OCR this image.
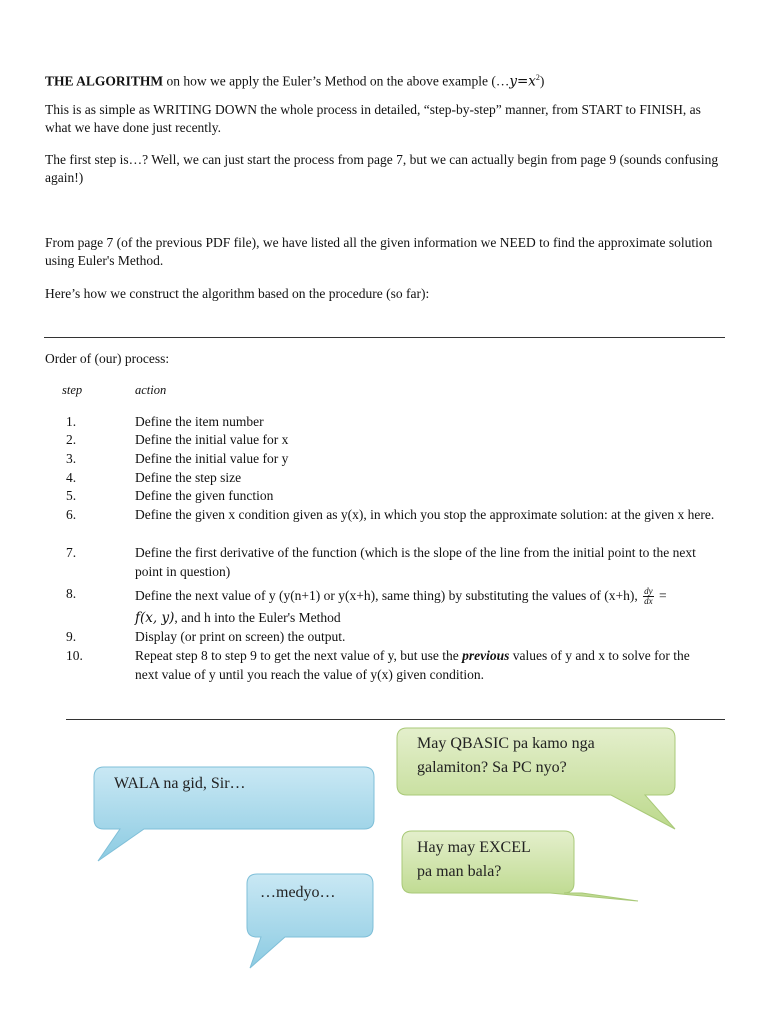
THE ALGORITHM on how we apply the Euler’s Method on the above example $(\dots y=x^2)$

This is as simple as WRITING DOWN the whole process in detailed, “step-by-step” manner, from START to FINISH, as what we have done just recently.

The first step is…? Well, we can just start the process from page 7, but we can actually begin from page 9 (sounds confusing again!)

From page 7 (of the previous PDF file), we have listed all the given information we NEED to find the approximate solution using Euler's Method.

Here’s how we construct the algorithm based on the procedure (so far):

Order of (our) process:

step	action
1.	Define the item number
2.	Define the initial value for x
3.	Define the initial value for y
4.	Define the step size
5.	Define the given function
6.	Define the given x condition given as y(x), in which you stop the approximate solution: at the given x here.
7.	Define the first derivative of the function (which is the slope of the line from the initial point to the next point in question)
8.	Define the next value of y (y(n+1) or y(x+h), same thing) by substituting the values of (x+h), $\frac{dy}{dx}$ =
f(x, y), and h into the Euler's Method
9.	Display (or print on screen) the output.
10.	Repeat step 8 to step 9 to get the next value of y, but use the previous values of y and x to solve for the next value of y until you reach the value of y(x) given condition.
May QBASIC pa kamo nga
galamiton? Sa PC nyo?
WALA na gid, Sir…
Hay may EXCEL
pa man bala?
…medyo…
